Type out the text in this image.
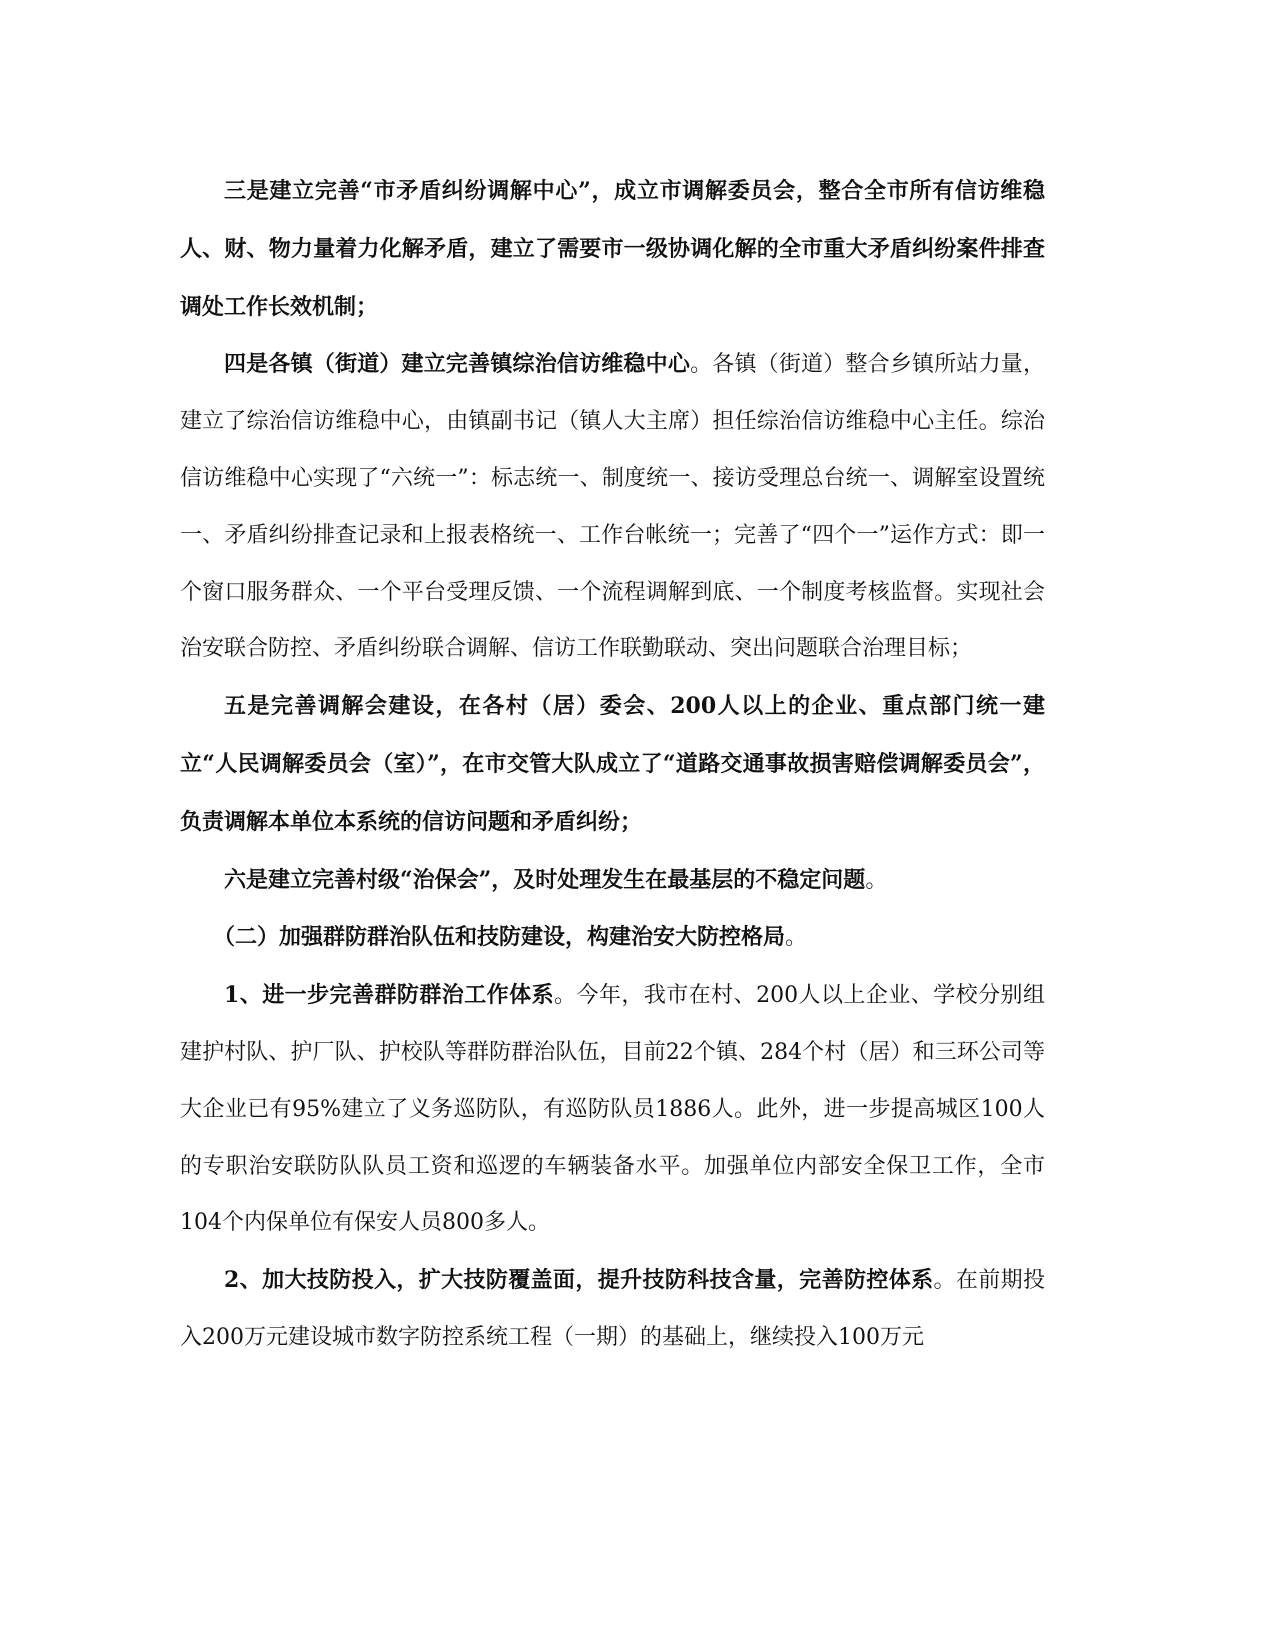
三是建立完善“市矛盾纠纷调解中心”，成立市调解委员会，整合全市所有信访维稳人、财、物力量着力化解矛盾，建立了需要市一级协调化解的全市重大矛盾纠纷案件排查调处工作长效机制；

四是各镇（街道）建立完善镇综治信访维稳中心。各镇（街道）整合乡镇所站力量，建立了综治信访维稳中心，由镇副书记（镇人大主席）担任综治信访维稳中心主任。综治信访维稳中心实现了“六统一”：标志统一、制度统一、接访受理总台统一、调解室设置统一、矛盾纠纷排查记录和上报表格统一、工作台帐统一；完善了“四个一”运作方式：即一个窗口服务群众、一个平台受理反馈、一个流程调解到底、一个制度考核监督。实现社会治安联合防控、矛盾纠纷联合调解、信访工作联勤联动、突出问题联合治理目标；

五是完善调解会建设，在各村（居）委会、200人以上的企业、重点部门统一建立“人民调解委员会（室）”，在市交管大队成立了“道路交通事故损害赔偿调解委员会”，负责调解本单位本系统的信访问题和矛盾纠纷；

六是建立完善村级“治保会”，及时处理发生在最基层的不稳定问题。

（二）加强群防群治队伍和技防建设，构建治安大防控格局。

1、进一步完善群防群治工作体系。今年，我市在村、200人以上企业、学校分别组建护村队、护厂队、护校队等群防群治队伍，目前22个镇、284个村（居）和三环公司等大企业已有95%建立了义务巡防队，有巡防队员1886人。此外，进一步提高城区100人的专职治安联防队队员工资和巡逻的车辆装备水平。加强单位内部安全保卫工作，全市104个内保单位有保安人员800多人。

2、加大技防投入，扩大技防覆盖面，提升技防科技含量，完善防控体系。在前期投入200万元建设城市数字防控系统工程（一期）的基础上，继续投入100万元
